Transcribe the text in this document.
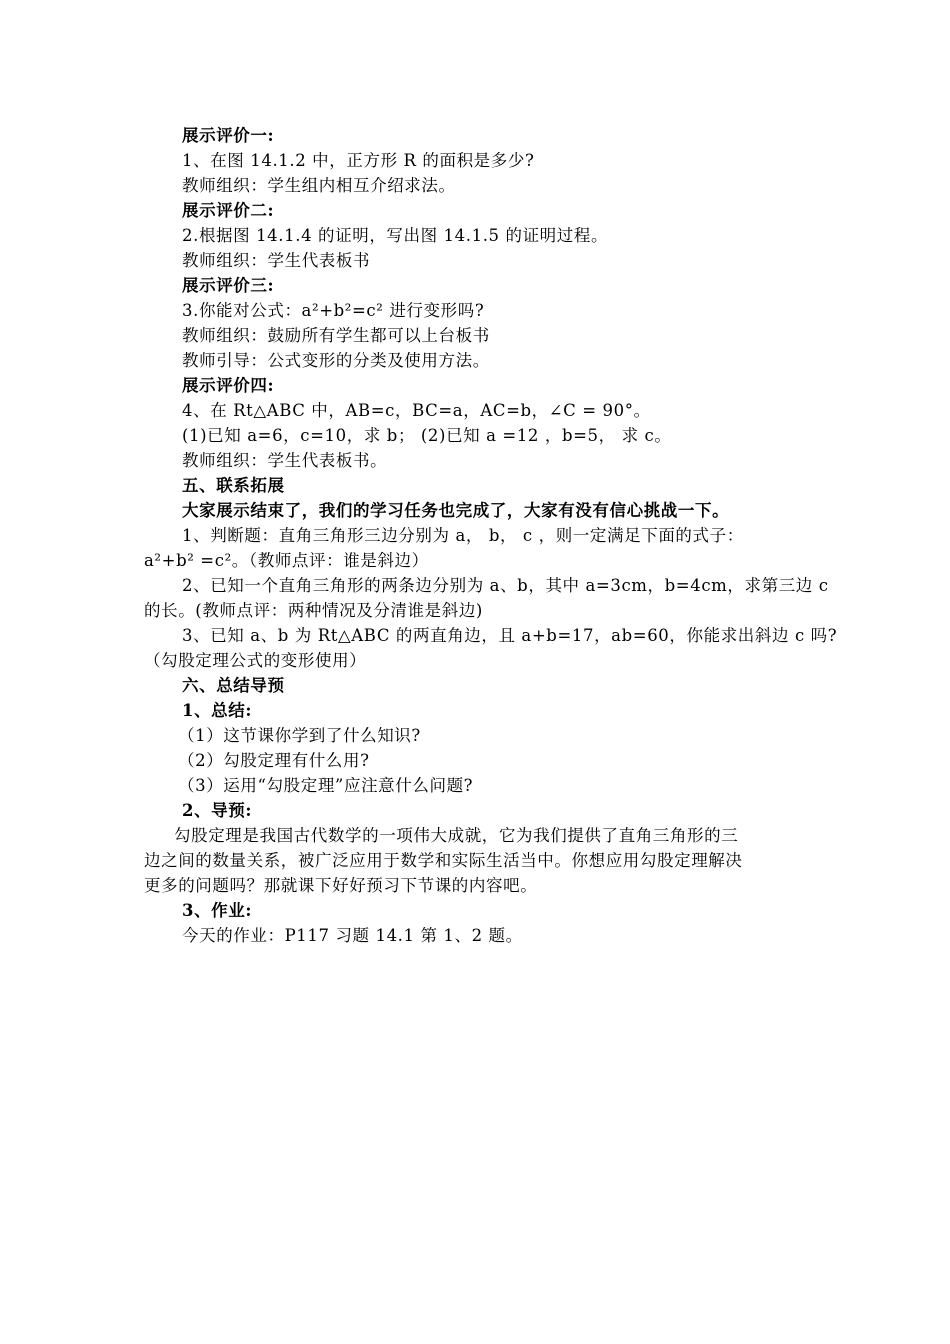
展示评价一:
1、在图 14.1.2 中，正方形 R 的面积是多少?
教师组织：学生组内相互介绍求法。
展示评价二:
2.根据图 14.1.4 的证明，写出图 14.1.5 的证明过程。
教师组织：学生代表板书
展示评价三:
3.你能对公式：a²+b²=c² 进行变形吗?
教师组织：鼓励所有学生都可以上台板书
教师引导：公式变形的分类及使用方法。
展示评价四:
4、在 Rt△ABC 中，AB=c，BC=a，AC=b，∠C = 90°。
(1)已知 a=6，c=10，求 b； (2)已知 a =12 ，b=5， 求 c。
教师组织：学生代表板书。
五、联系拓展
大家展示结束了，我们的学习任务也完成了，大家有没有信心挑战一下。
1、判断题：直角三角形三边分别为 a， b， c ，则一定满足下面的式子：
a²+b² =c²。（教师点评：谁是斜边）
2、已知一个直角三角形的两条边分别为 a、b，其中 a=3cm，b=4cm，求第三边 c
的长。(教师点评：两种情况及分清谁是斜边)
3、已知 a、b 为 Rt△ABC 的两直角边，且 a+b=17，ab=60，你能求出斜边 c 吗?
（勾股定理公式的变形使用）
六、总结导预
1、总结:
（1）这节课你学到了什么知识?
（2）勾股定理有什么用?
（3）运用“勾股定理”应注意什么问题?
2、导预:
勾股定理是我国古代数学的一项伟大成就，它为我们提供了直角三角形的三
边之间的数量关系，被广泛应用于数学和实际生活当中。你想应用勾股定理解决
更多的问题吗？那就课下好好预习下节课的内容吧。
3、作业:
今天的作业：P117 习题 14.1 第 1、2 题。
